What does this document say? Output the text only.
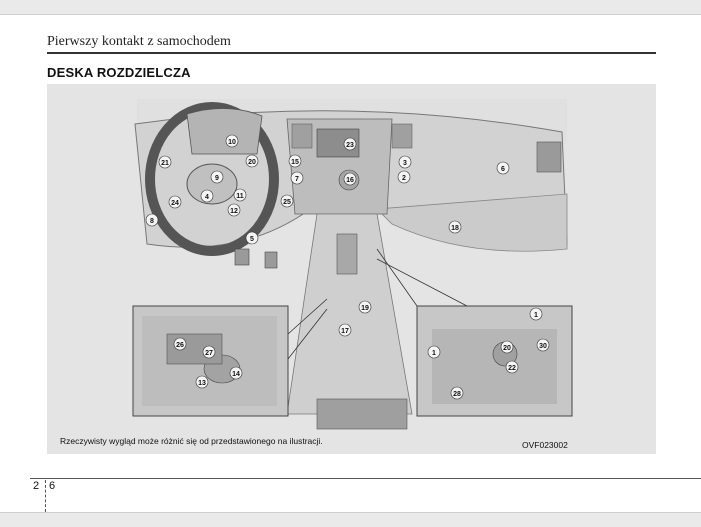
Pierwszy kontakt z samochodem
DESKA ROZDZIELCZA
10
21	20	15
23
3
2
6
9	7	16
4	11
12
24	25
8
5
18
19
17
26
27
13
14
1
30
20
22
28
1
Rzeczywisty wygląd może różnić się od przedstawionego na ilustracji.	OVF023002
2 6
